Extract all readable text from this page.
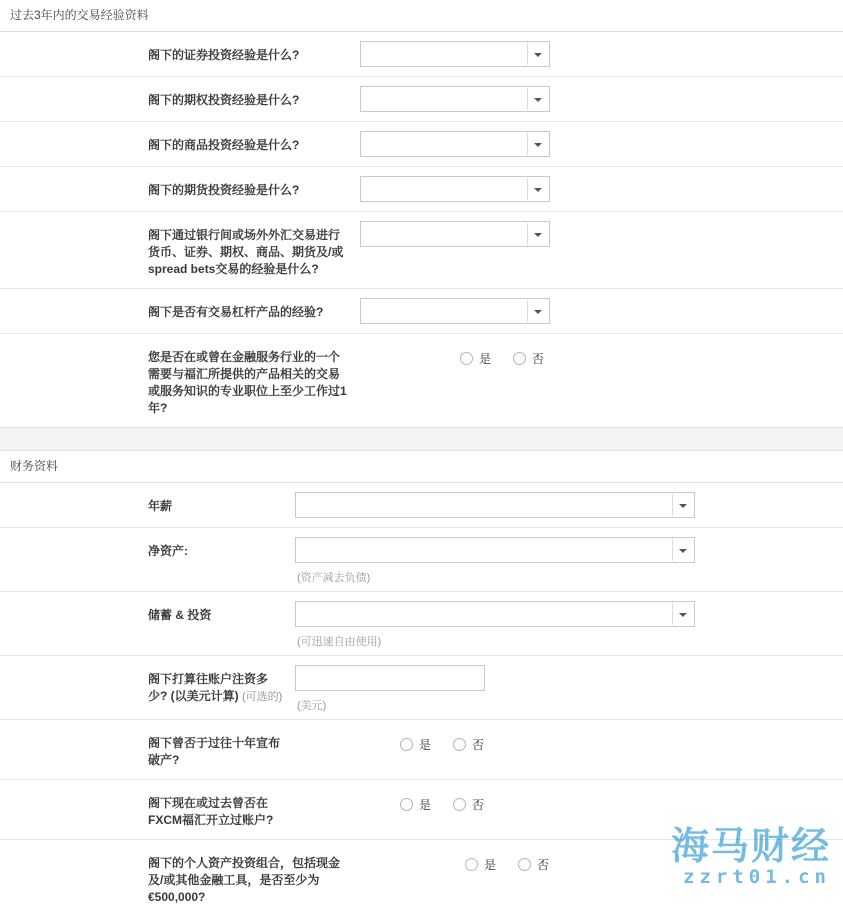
过去3年内的交易经验资料
阁下的证券投资经验是什么?
阁下的期权投资经验是什么?
阁下的商品投资经验是什么?
阁下的期货投资经验是什么?
阁下通过银行间或场外外汇交易进行货币、证券、期权、商品、期货及/或spread bets交易的经验是什么?
阁下是否有交易杠杆产品的经验?
您是否在或曾在金融服务行业的一个需要与福汇所提供的产品相关的交易或服务知识的专业职位上至少工作过1年?
是	否
财务资料
年薪
净资产:
(资产减去负债)
储蓄 & 投资
(可迅速自由使用)
阁下打算往账户注资多少? (以美元计算) (可选的)
(美元)
阁下曾否于过往十年宣布破产?
是	否
阁下现在或过去曾否在FXCM福汇开立过账户?
是	否
阁下的个人资产投资组合，包括现金及/或其他金融工具，是否至少为€500,000?
是	否	海马财经
zzrt01.cn
